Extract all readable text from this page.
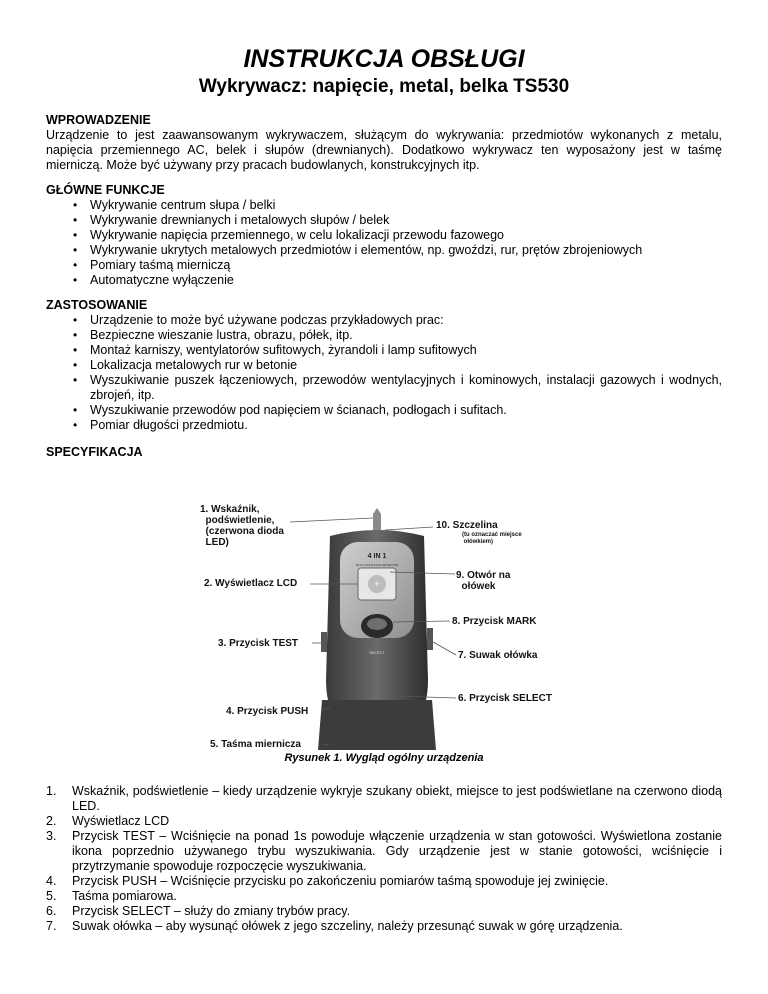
INSTRUKCJA OBSŁUGI
Wykrywacz: napięcie, metal, belka TS530
WPROWADZENIE

Urządzenie to jest zaawansowanym wykrywaczem, służącym do wykrywania: przedmiotów wykonanych z metalu, napięcia przemiennego AC, belek i słupów (drewnianych). Dodatkowo wykrywacz ten wyposażony jest w taśmę mierniczą. Może być używany przy pracach budowlanych, konstrukcyjnych itp.

GŁÓWNE FUNKCJE
• Wykrywanie centrum słupa / belki
• Wykrywanie drewnianych i metalowych słupów / belek
• Wykrywanie napięcia przemiennego, w celu lokalizacji przewodu fazowego
• Wykrywanie ukrytych metalowych przedmiotów i elementów, np. gwoździ, rur, prętów zbrojeniowych
• Pomiary taśmą mierniczą
• Automatyczne wyłączenie
ZASTOSOWANIE
• Urządzenie to może być używane podczas przykładowych prac:
• Bezpieczne wieszanie lustra, obrazu, półek, itp.
• Montaż karniszy, wentylatorów sufitowych, żyrandoli i lamp sufitowych
• Lokalizacja metalowych rur w betonie
• Wyszukiwanie puszek łączeniowych, przewodów wentylacyjnych i kominowych, instalacji gazowych i wodnych, zbrojeń, itp.
• Wyszukiwanie przewodów pod napięciem w ścianach, podłogach i sufitach.
• Pomiar długości przedmiotu.
SPECYFIKACJA
4 IN 1
MULTI-FUNCTION DETECTOR
+
SELECT
1. Wskaźnik,
podświetlenie,
(czerwona dioda
LED)
2. Wyświetlacz LCD
3. Przycisk TEST
4. Przycisk PUSH
5. Taśma miernicza
6. Przycisk SELECT
7. Suwak ołówka
8. Przycisk MARK
9. Otwór na
ołówek
10. Szczelina
(tu oznaczać miejsce
ołówkiem)
Rysunek 1. Wygląd ogólny urządzenia
1. Wskaźnik, podświetlenie – kiedy urządzenie wykryje szukany obiekt, miejsce to jest podświetlane na czerwono diodą LED.
2. Wyświetlacz LCD
3. Przycisk TEST – Wciśnięcie na ponad 1s powoduje włączenie urządzenia w stan gotowości. Wyświetlona zostanie ikona poprzednio używanego trybu wyszukiwania. Gdy urządzenie jest w stanie gotowości, wciśnięcie i przytrzymanie spowoduje rozpoczęcie wyszukiwania.
4. Przycisk PUSH – Wciśnięcie przycisku po zakończeniu pomiarów taśmą spowoduje jej zwinięcie.
5. Taśma pomiarowa.
6. Przycisk SELECT – służy do zmiany trybów pracy.
7. Suwak ołówka – aby wysunąć ołówek z jego szczeliny, należy przesunąć suwak w górę urządzenia.
